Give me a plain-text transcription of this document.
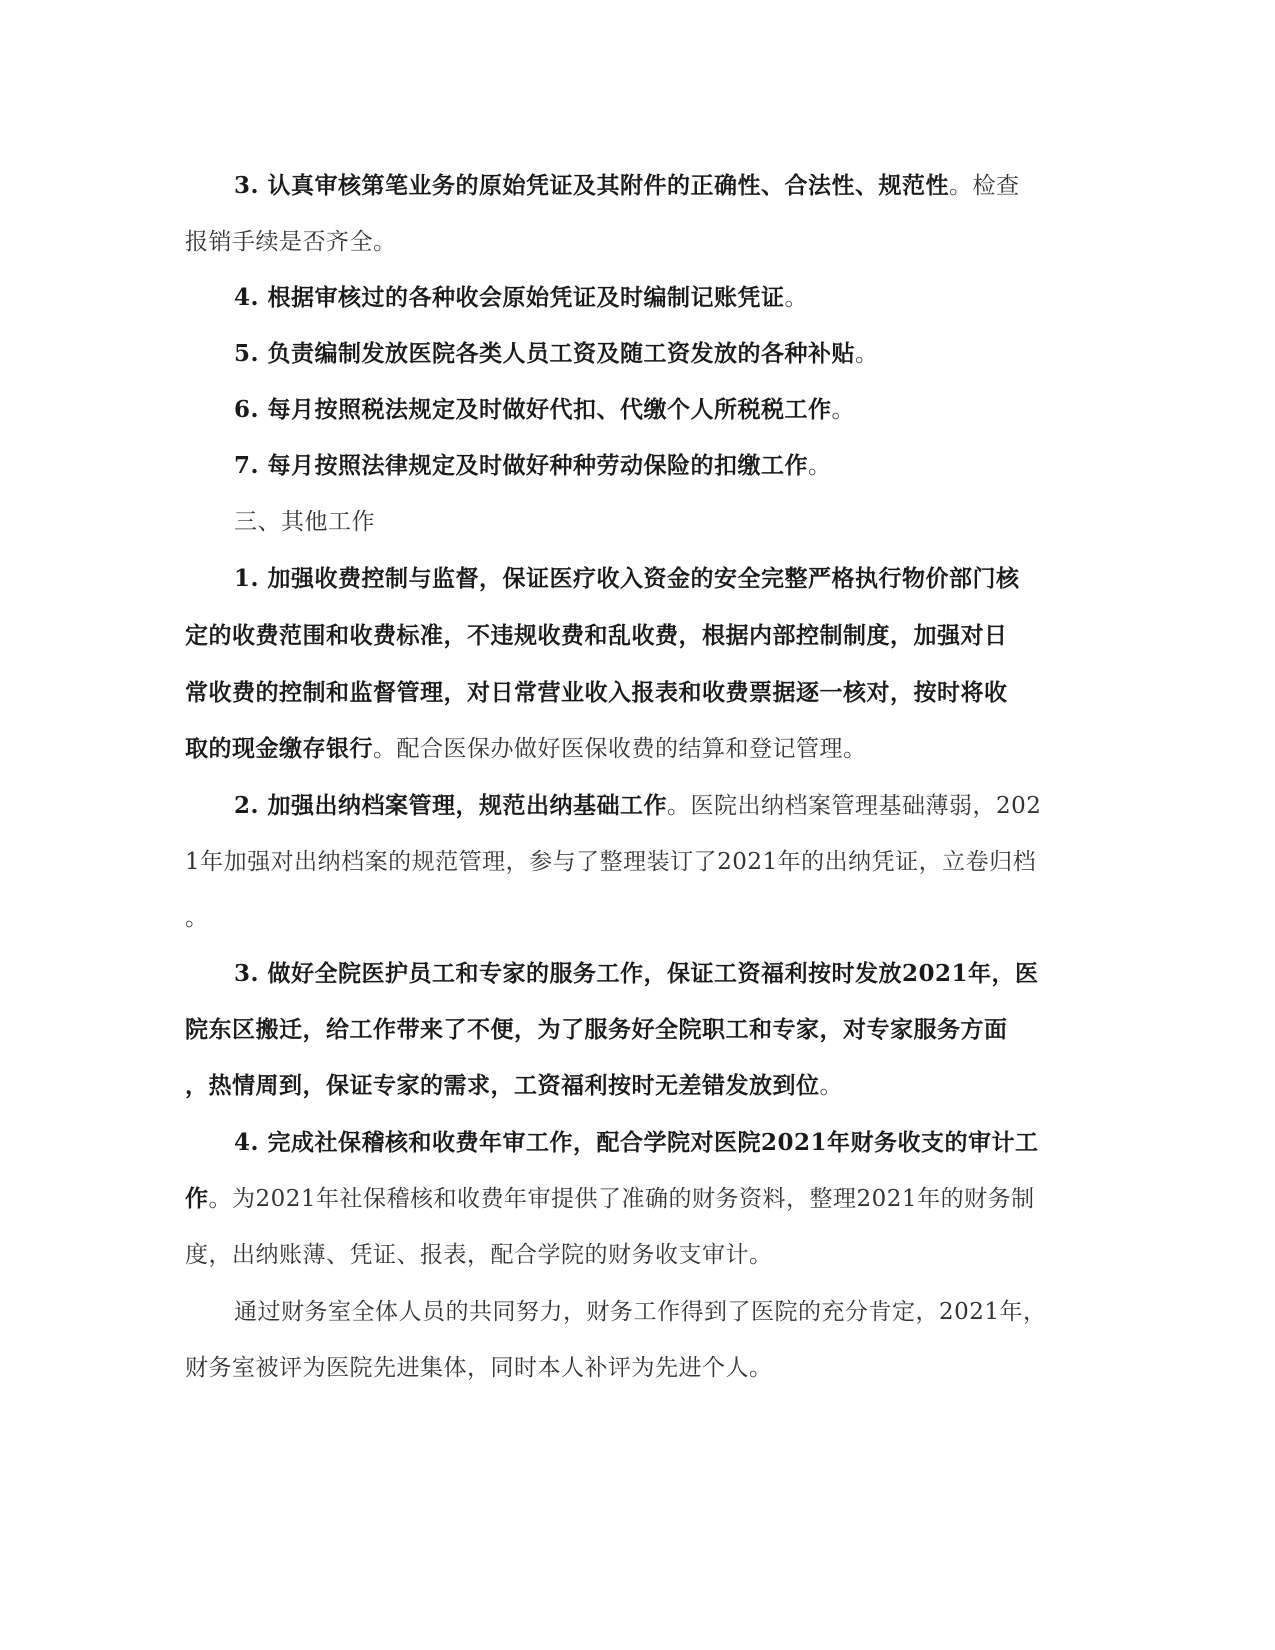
3. 认真审核第笔业务的原始凭证及其附件的正确性、合法性、规范性。检查
报销手续是否齐全。
4. 根据审核过的各种收会原始凭证及时编制记账凭证。
5. 负责编制发放医院各类人员工资及随工资发放的各种补贴。
6. 每月按照税法规定及时做好代扣、代缴个人所税税工作。
7. 每月按照法律规定及时做好种种劳动保险的扣缴工作。
三、其他工作
1. 加强收费控制与监督，保证医疗收入资金的安全完整严格执行物价部门核
定的收费范围和收费标准，不违规收费和乱收费，根据内部控制制度，加强对日
常收费的控制和监督管理，对日常营业收入报表和收费票据逐一核对，按时将收
取的现金缴存银行。配合医保办做好医保收费的结算和登记管理。
2. 加强出纳档案管理，规范出纳基础工作。医院出纳档案管理基础薄弱，202
1年加强对出纳档案的规范管理，参与了整理装订了2021年的出纳凭证，立卷归档
。
3. 做好全院医护员工和专家的服务工作，保证工资福利按时发放2021年，医
院东区搬迁，给工作带来了不便，为了服务好全院职工和专家，对专家服务方面
，热情周到，保证专家的需求，工资福利按时无差错发放到位。
4. 完成社保稽核和收费年审工作，配合学院对医院2021年财务收支的审计工
作。为2021年社保稽核和收费年审提供了准确的财务资料，整理2021年的财务制
度，出纳账薄、凭证、报表，配合学院的财务收支审计。
通过财务室全体人员的共同努力，财务工作得到了医院的充分肯定，2021年，
财务室被评为医院先进集体，同时本人补评为先进个人。
